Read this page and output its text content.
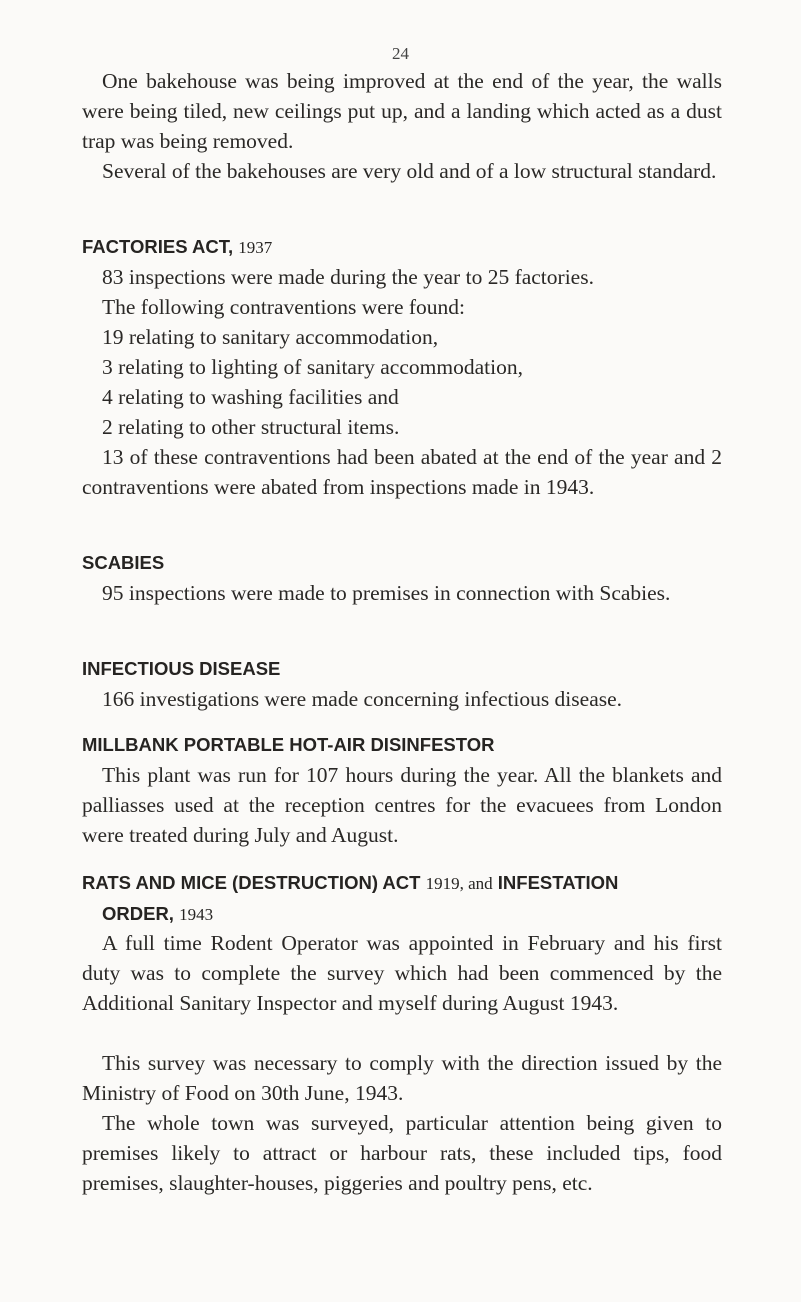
24

One bakehouse was being improved at the end of the year, the walls were being tiled, new ceilings put up, and a landing which acted as a dust trap was being removed.

Several of the bakehouses are very old and of a low structural standard.

FACTORIES ACT, 1937

83 inspections were made during the year to 25 factories.

The following contraventions were found:

19 relating to sanitary accommodation,

3 relating to lighting of sanitary accommodation,

4 relating to washing facilities and

2 relating to other structural items.

13 of these contraventions had been abated at the end of the year and 2 contraventions were abated from inspections made in 1943.

SCABIES

95 inspections were made to premises in connection with Scabies.

INFECTIOUS DISEASE

166 investigations were made concerning infectious disease.

MILLBANK PORTABLE HOT-AIR DISINFESTOR

This plant was run for 107 hours during the year. All the blankets and palliasses used at the reception centres for the evacuees from London were treated during July and August.

RATS AND MICE (DESTRUCTION) ACT 1919, and INFESTATION
ORDER, 1943

A full time Rodent Operator was appointed in February and his first duty was to complete the survey which had been commenced by the Additional Sanitary Inspector and myself during August 1943.

This survey was necessary to comply with the direction issued by the Ministry of Food on 30th June, 1943.

The whole town was surveyed, particular attention being given to premises likely to attract or harbour rats, these included tips, food premises, slaughter-houses, piggeries and poultry pens, etc.
